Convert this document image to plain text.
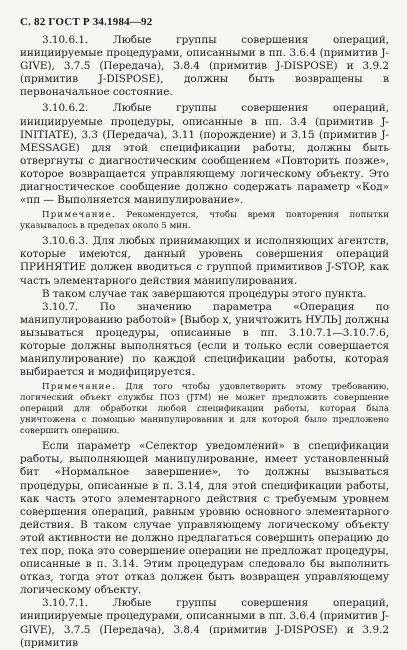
С. 82 ГОСТ Р 34.1984—92

3.10.6.1. Любые группы совершения операций, инициируемые процедурами, описанными в пп. 3.6.4 (примитив J-GIVE), 3.7.5 (Передача), 3.8.4 (примитив J-DISPOSE) и 3.9.2 (примитив J-DISPOSE), должны быть возвращены в первоначальное состояние.

3.10.6.2. Любые группы совершения операций, инициируемые процедуры, описанные в пп. 3.4 (примитив J-INITIATE), 3.3 (Передача), 3.11 (порождение) и 3.15 (примитив J-MESSAGE) для этой спецификации работы, должны быть отвергнуты с диагностическим сообщением «Повторить позже», которое возвращается управляющему логическому объекту. Это диагностическое сообщение должно содержать параметр «Код» «пп — Выполняется манипулирование».

Примечание. Рекомендуется, чтобы время повторения попытки указывалось в пределах около 5 мин.

3.10.6.3. Для любых принимающих и исполняющих агентств, которые имеются, данный уровень совершения операций ПРИНЯТИЕ должен вводиться с группой примитивов J-STOP, как часть элементарного действия манипулирования.

В таком случае так завершаются процедуры этого пункта.

3.10.7. По значению параметра «Операция по манипулированию работой» [Выбор x, уничтожить НУЛЬ] должны вызываться процедуры, описанные в пп. 3.10.7.1—3.10.7.6, которые должны выполняться (если и только если совершается манипулирование) по каждой спецификации работы, которая выбирается и модифицируется.

Примечание. Для того чтобы удовлетворить этому требованию, логический объект службы ПОЗ (JTM) не может предложить совершение операций для обработки любой спецификации работы, которая была уничтожена с помощью манипулирования и для которой было предложено совершить операцию.

Если параметр «Селектор уведомлений» в спецификации работы, выполняющей манипулирование, имеет установленный бит «Нормальное завершение», то должны вызываться процедуры, описанные в п. 3.14, для этой спецификации работы, как часть этого элементарного действия с требуемым уровнем совершения операций, равным уровню основного элементарного действия. В таком случае управляющему логическому объекту этой активности не должно предлагаться совершить операцию до тех пор, пока это совершение операции не предложат процедуры, описанные в п. 3.14. Этим процедурам следовало бы выполнить отказ, тогда этот отказ должен быть возвращен управляющему логическому объекту.

3.10.7.1. Любые группы совершения операций, инициируемые процедурами, описанными в пп. 3.6.4 (примитив J-GIVE), 3.7.5 (Передача), 3.8.4 (примитив J-DISPOSE) и 3.9.2 (примитив
